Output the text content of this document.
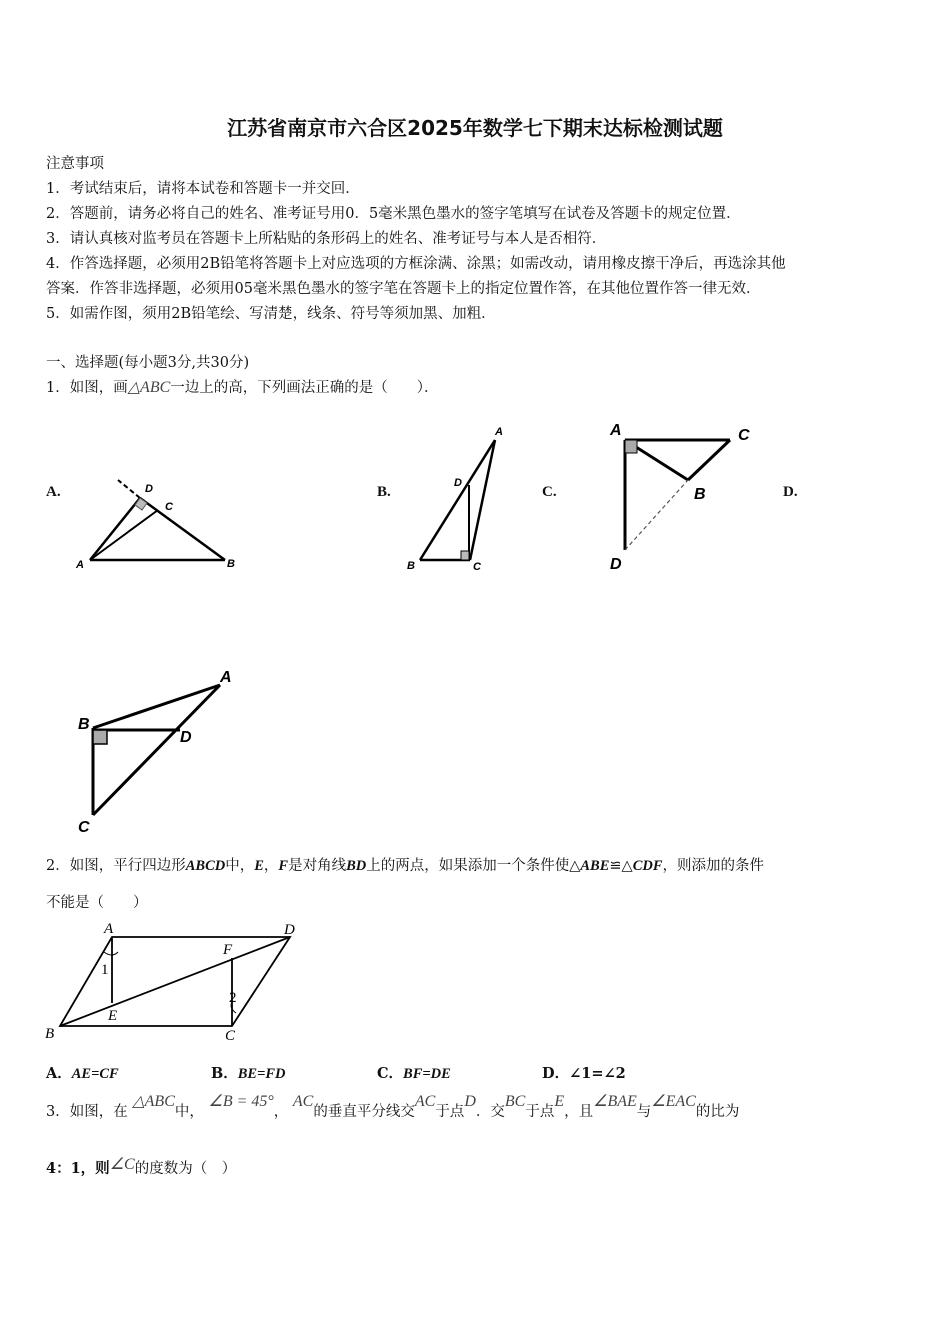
江苏省南京市六合区2025年数学七下期末达标检测试题
注意事项
1．考试结束后，请将本试卷和答题卡一并交回．
2．答题前，请务必将自己的姓名、准考证号用0．5毫米黑色墨水的签字笔填写在试卷及答题卡的规定位置．
3．请认真核对监考员在答题卡上所粘贴的条形码上的姓名、准考证号与本人是否相符．
4．作答选择题，必须用2B铅笔将答题卡上对应选项的方框涂满、涂黑；如需改动，请用橡皮擦干净后，再选涂其他
答案．作答非选择题，必须用05毫米黑色墨水的签字笔在答题卡上的指定位置作答，在其他位置作答一律无效．
5．如需作图，须用2B铅笔绘、写清楚，线条、符号等须加黑、加粗．
一、选择题(每小题3分,共30分)
1．如图，画△ABC一边上的高，下列画法正确的是（　　）．
A.	B.	C.	D.
D
C
A	B
A
D
B	C
A	C
B
D
A
B
D
C
2．如图，平行四边形ABCD中，E，F是对角线BD上的两点，如果添加一个条件使△ABE≌△CDF，则添加的条件
不能是（　　）
A	D
F
1
2
B
E
C
A．AE=CF	B．BE=FD	C．BF=DE	D．∠1=∠2
3．如图，在 △ABC中， ∠B = 45°， AC的垂直平分线交AC于点D．交BC于点E，且∠BAE与∠EAC的比为
4：1，则∠C的度数为（　）
